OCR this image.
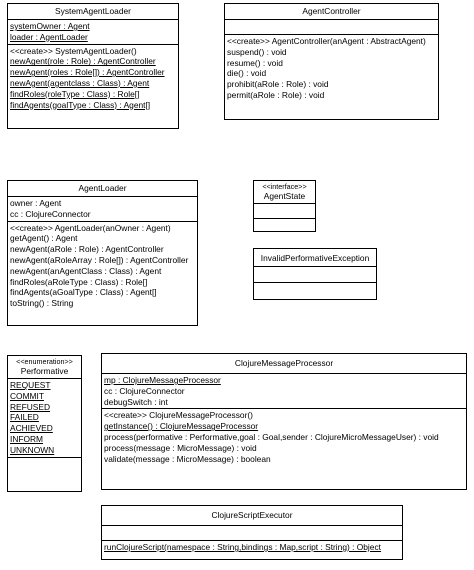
SystemAgentLoader
systemOwner : Agent
loader : AgentLoader
<<create>> SystemAgentLoader()
newAgent(role : Role) : AgentController
newAgent(roles : Role[]) : AgentController
newAgent(agentclass : Class) : Agent
findRoles(roleType : Class) : Role[]
findAgents(goalType : Class) : Agent[]
AgentController
<<create>> AgentController(anAgent : AbstractAgent)
suspend() : void
resume() : void
die() : void
prohibit(aRole : Role) : void
permit(aRole : Role) : void
AgentLoader
owner : Agent
cc : ClojureConnector
<<create>> AgentLoader(anOwner : Agent)
getAgent() : Agent
newAgent(aRole : Role) : AgentController
newAgent(aRoleArray : Role[]) : AgentController
newAgent(anAgentClass : Class) : Agent
findRoles(aRoleType : Class) : Role[]
findAgents(aGoalType : Class) : Agent[]
toString() : String
<<interface>>
AgentState
InvalidPerformativeException
<<enumeration>>
Performative
REQUEST
COMMIT
REFUSED
FAILED
ACHIEVED
INFORM
UNKNOWN
ClojureMessageProcessor
mp : ClojureMessageProcessor
cc : ClojureConnector
debugSwitch : int
<<create>> ClojureMessageProcessor()
getInstance() : ClojureMessageProcessor
process(performative : Performative,goal : Goal,sender : ClojureMicroMessageUser) : void
process(message : MicroMessage) : void
validate(message : MicroMessage) : boolean
ClojureScriptExecutor
runClojureScript(namespace : String,bindings : Map,script : String) : Object
